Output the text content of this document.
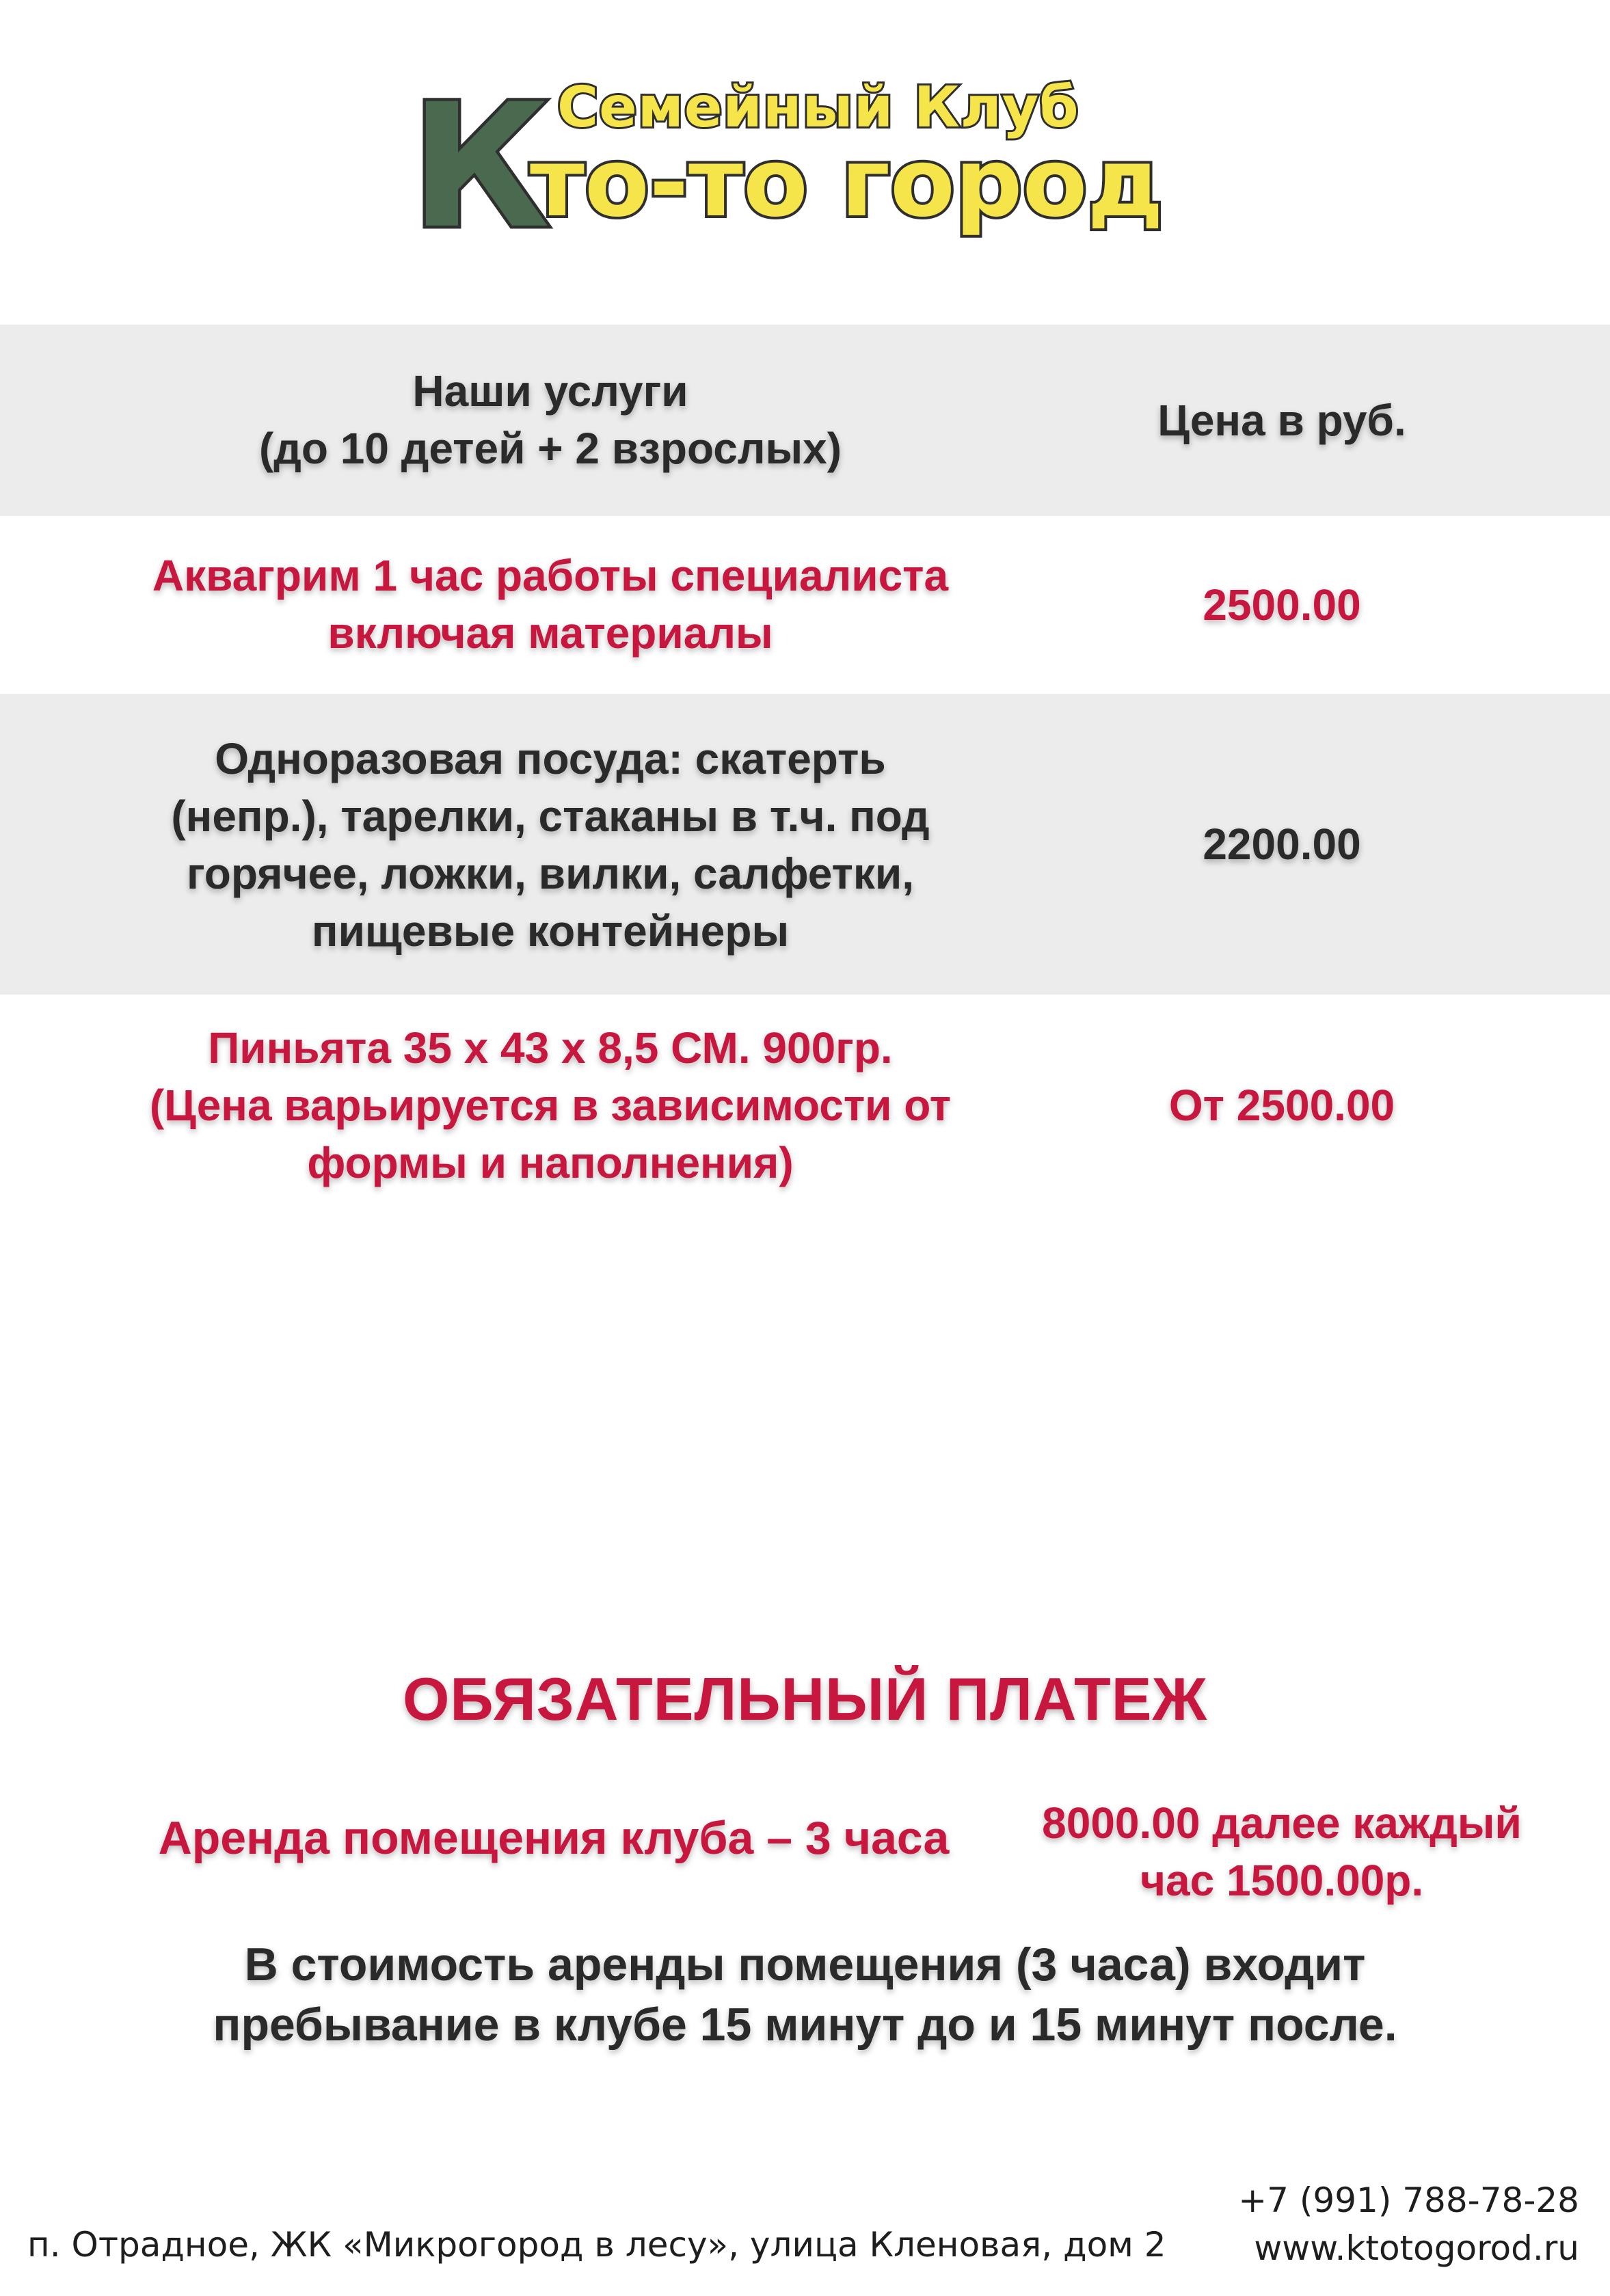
Семейный Клуб
К
то-то город
Наши услуги
(до 10 детей + 2 взрослых)
Цена в руб.
Аквагрим 1 час работы специалиста
включая материалы
2500.00
Одноразовая посуда: скатерть
(непр.), тарелки, стаканы в т.ч. под
горячее, ложки, вилки, салфетки,
пищевые контейнеры
2200.00
Пиньята 35 х 43 х 8,5 СМ. 900гр.
(Цена варьируется в зависимости от
формы и наполнения)
От 2500.00
ОБЯЗАТЕЛЬНЫЙ ПЛАТЕЖ
Аренда помещения клуба – 3 часа	8000.00 далее каждый
час 1500.00р.
В стоимость аренды помещения (3 часа) входит
пребывание в клубе 15 минут до и 15 минут после.
п. Отрадное, ЖК «Микрогород в лесу», улица Кленовая, дом 2
+7 (991) 788-78-28
www.ktotogorod.ru
